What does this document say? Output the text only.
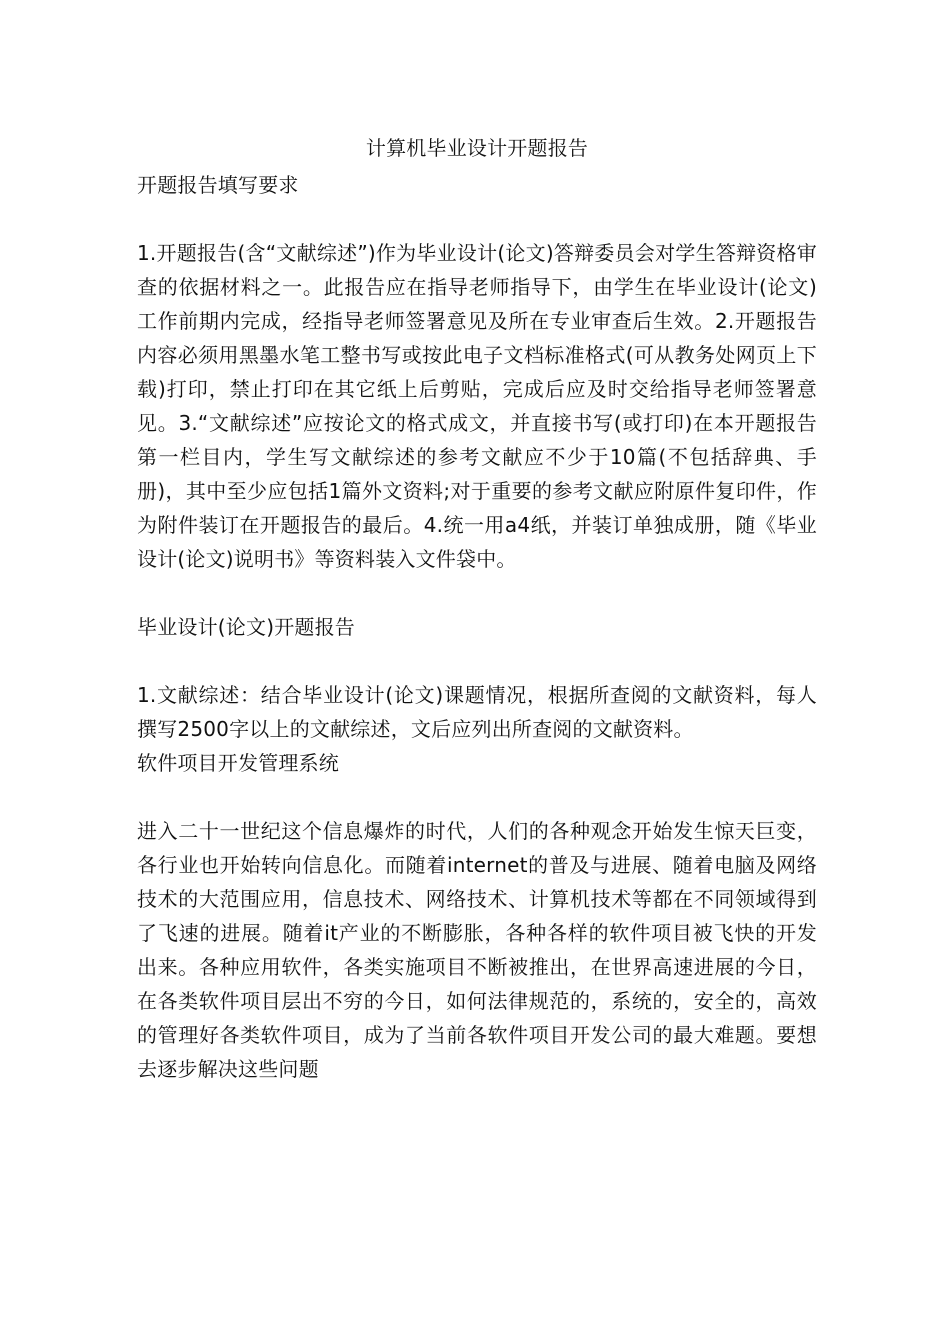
计算机毕业设计开题报告

开题报告填写要求

1.开题报告(含“文献综述”)作为毕业设计(论文)答辩委员会对学生答辩资格审查的依据材料之一。此报告应在指导老师指导下，由学生在毕业设计(论文)工作前期内完成，经指导老师签署意见及所在专业审查后生效。2.开题报告内容必须用黑墨水笔工整书写或按此电子文档标准格式(可从教务处网页上下载)打印，禁止打印在其它纸上后剪贴，完成后应及时交给指导老师签署意见。3.“文献综述”应按论文的格式成文，并直接书写(或打印)在本开题报告第一栏目内，学生写文献综述的参考文献应不少于10篇(不包括辞典、手册)，其中至少应包括1篇外文资料;对于重要的参考文献应附原件复印件，作为附件装订在开题报告的最后。4.统一用a4纸，并装订单独成册，随《毕业设计(论文)说明书》等资料装入文件袋中。

毕业设计(论文)开题报告

1.文献综述：结合毕业设计(论文)课题情况，根据所查阅的文献资料，每人撰写2500字以上的文献综述，文后应列出所查阅的文献资料。

软件项目开发管理系统

进入二十一世纪这个信息爆炸的时代，人们的各种观念开始发生惊天巨变，各行业也开始转向信息化。而随着internet的普及与进展、随着电脑及网络技术的大范围应用，信息技术、网络技术、计算机技术等都在不同领域得到了飞速的进展。随着it产业的不断膨胀，各种各样的软件项目被飞快的开发出来。各种应用软件，各类实施项目不断被推出，在世界高速进展的今日，在各类软件项目层出不穷的今日，如何法律规范的，系统的，安全的，高效的管理好各类软件项目，成为了当前各软件项目开发公司的最大难题。要想去逐步解决这些问题
